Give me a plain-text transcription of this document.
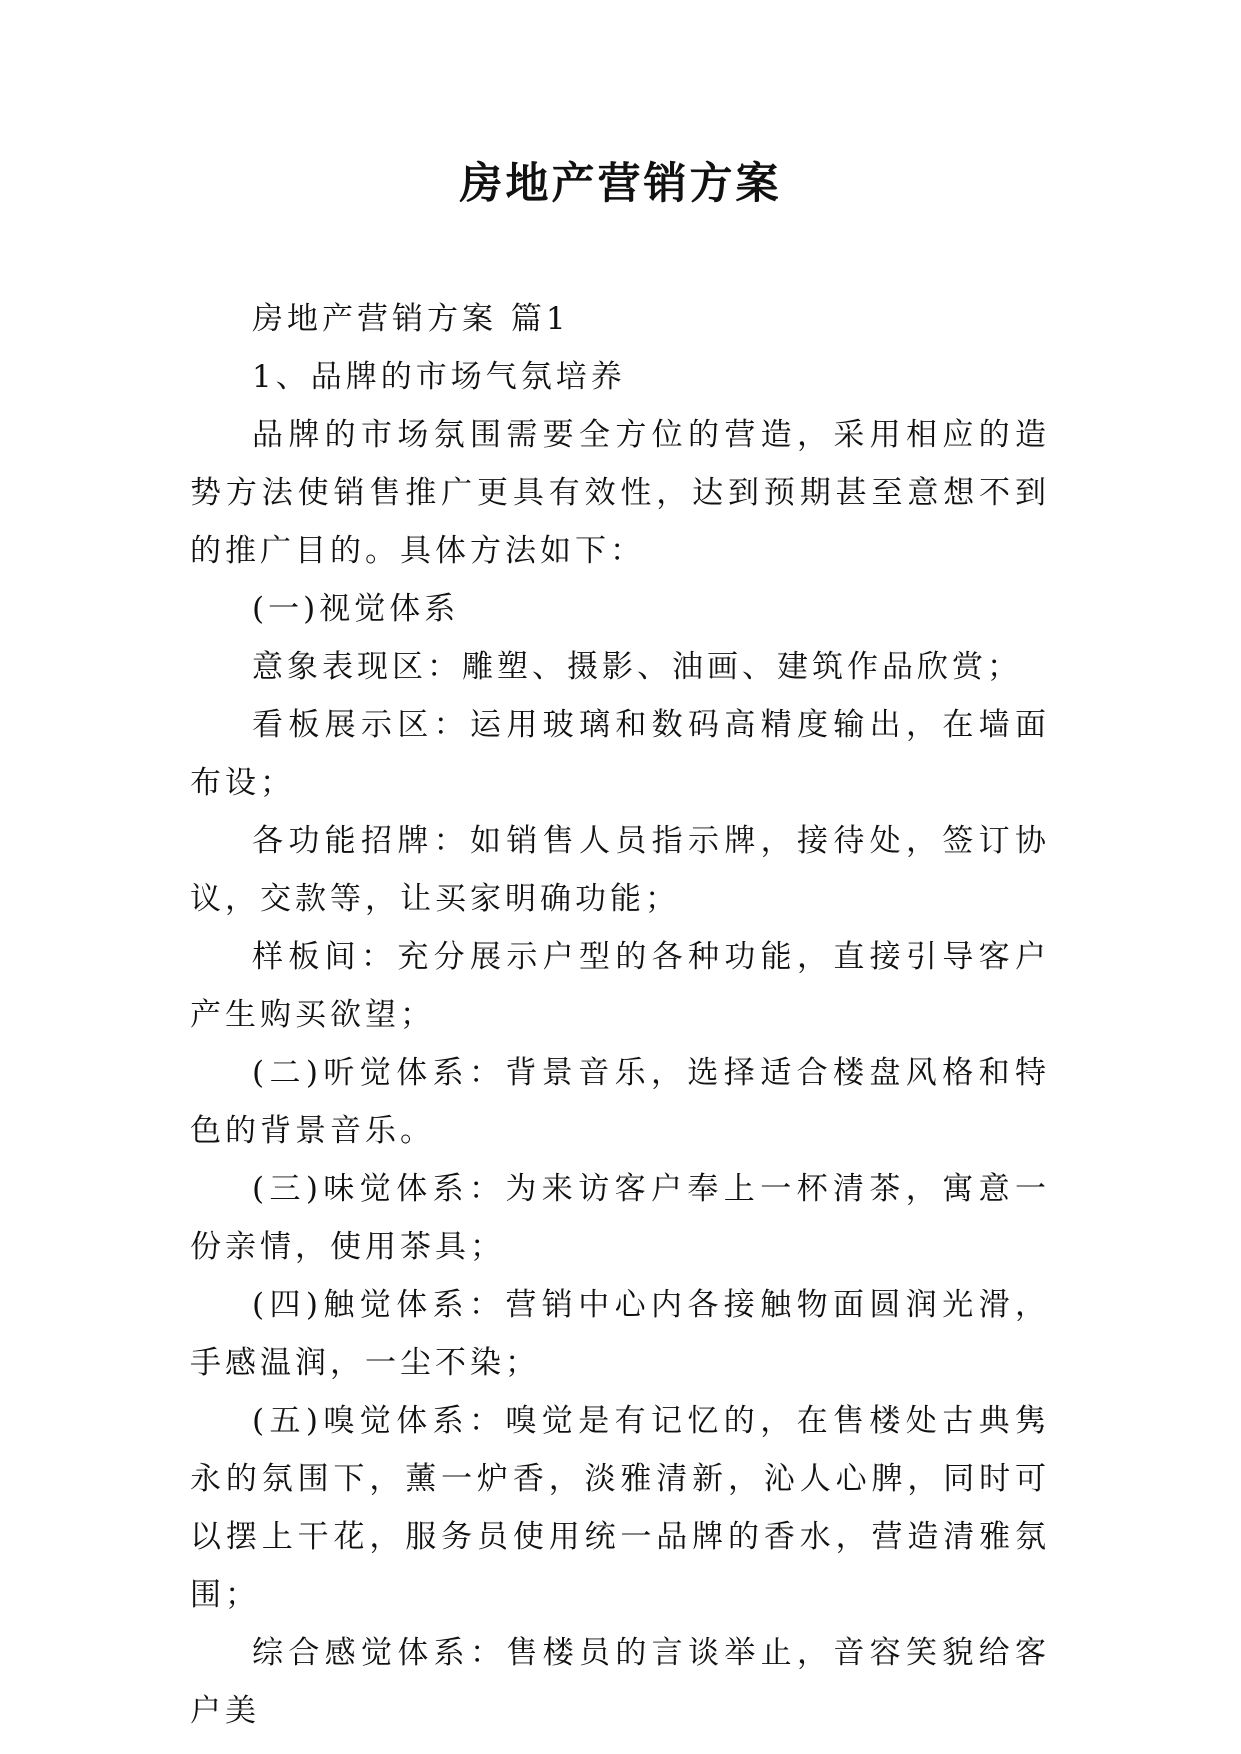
房地产营销方案

房地产营销方案 篇1

1、品牌的市场气氛培养

品牌的市场氛围需要全方位的营造，采用相应的造势方法使销售推广更具有效性，达到预期甚至意想不到的推广目的。具体方法如下：

(一)视觉体系

意象表现区：雕塑、摄影、油画、建筑作品欣赏；

看板展示区：运用玻璃和数码高精度输出，在墙面布设；

各功能招牌：如销售人员指示牌，接待处，签订协议，交款等，让买家明确功能；

样板间：充分展示户型的各种功能，直接引导客户产生购买欲望；

(二)听觉体系：背景音乐，选择适合楼盘风格和特色的背景音乐。

(三)味觉体系：为来访客户奉上一杯清茶，寓意一份亲情，使用茶具；

(四)触觉体系：营销中心内各接触物面圆润光滑，手感温润，一尘不染；

(五)嗅觉体系：嗅觉是有记忆的，在售楼处古典隽永的氛围下，薰一炉香，淡雅清新，沁人心脾，同时可以摆上干花，服务员使用统一品牌的香水，营造清雅氛围；

综合感觉体系：售楼员的言谈举止，音容笑貌给客户美
